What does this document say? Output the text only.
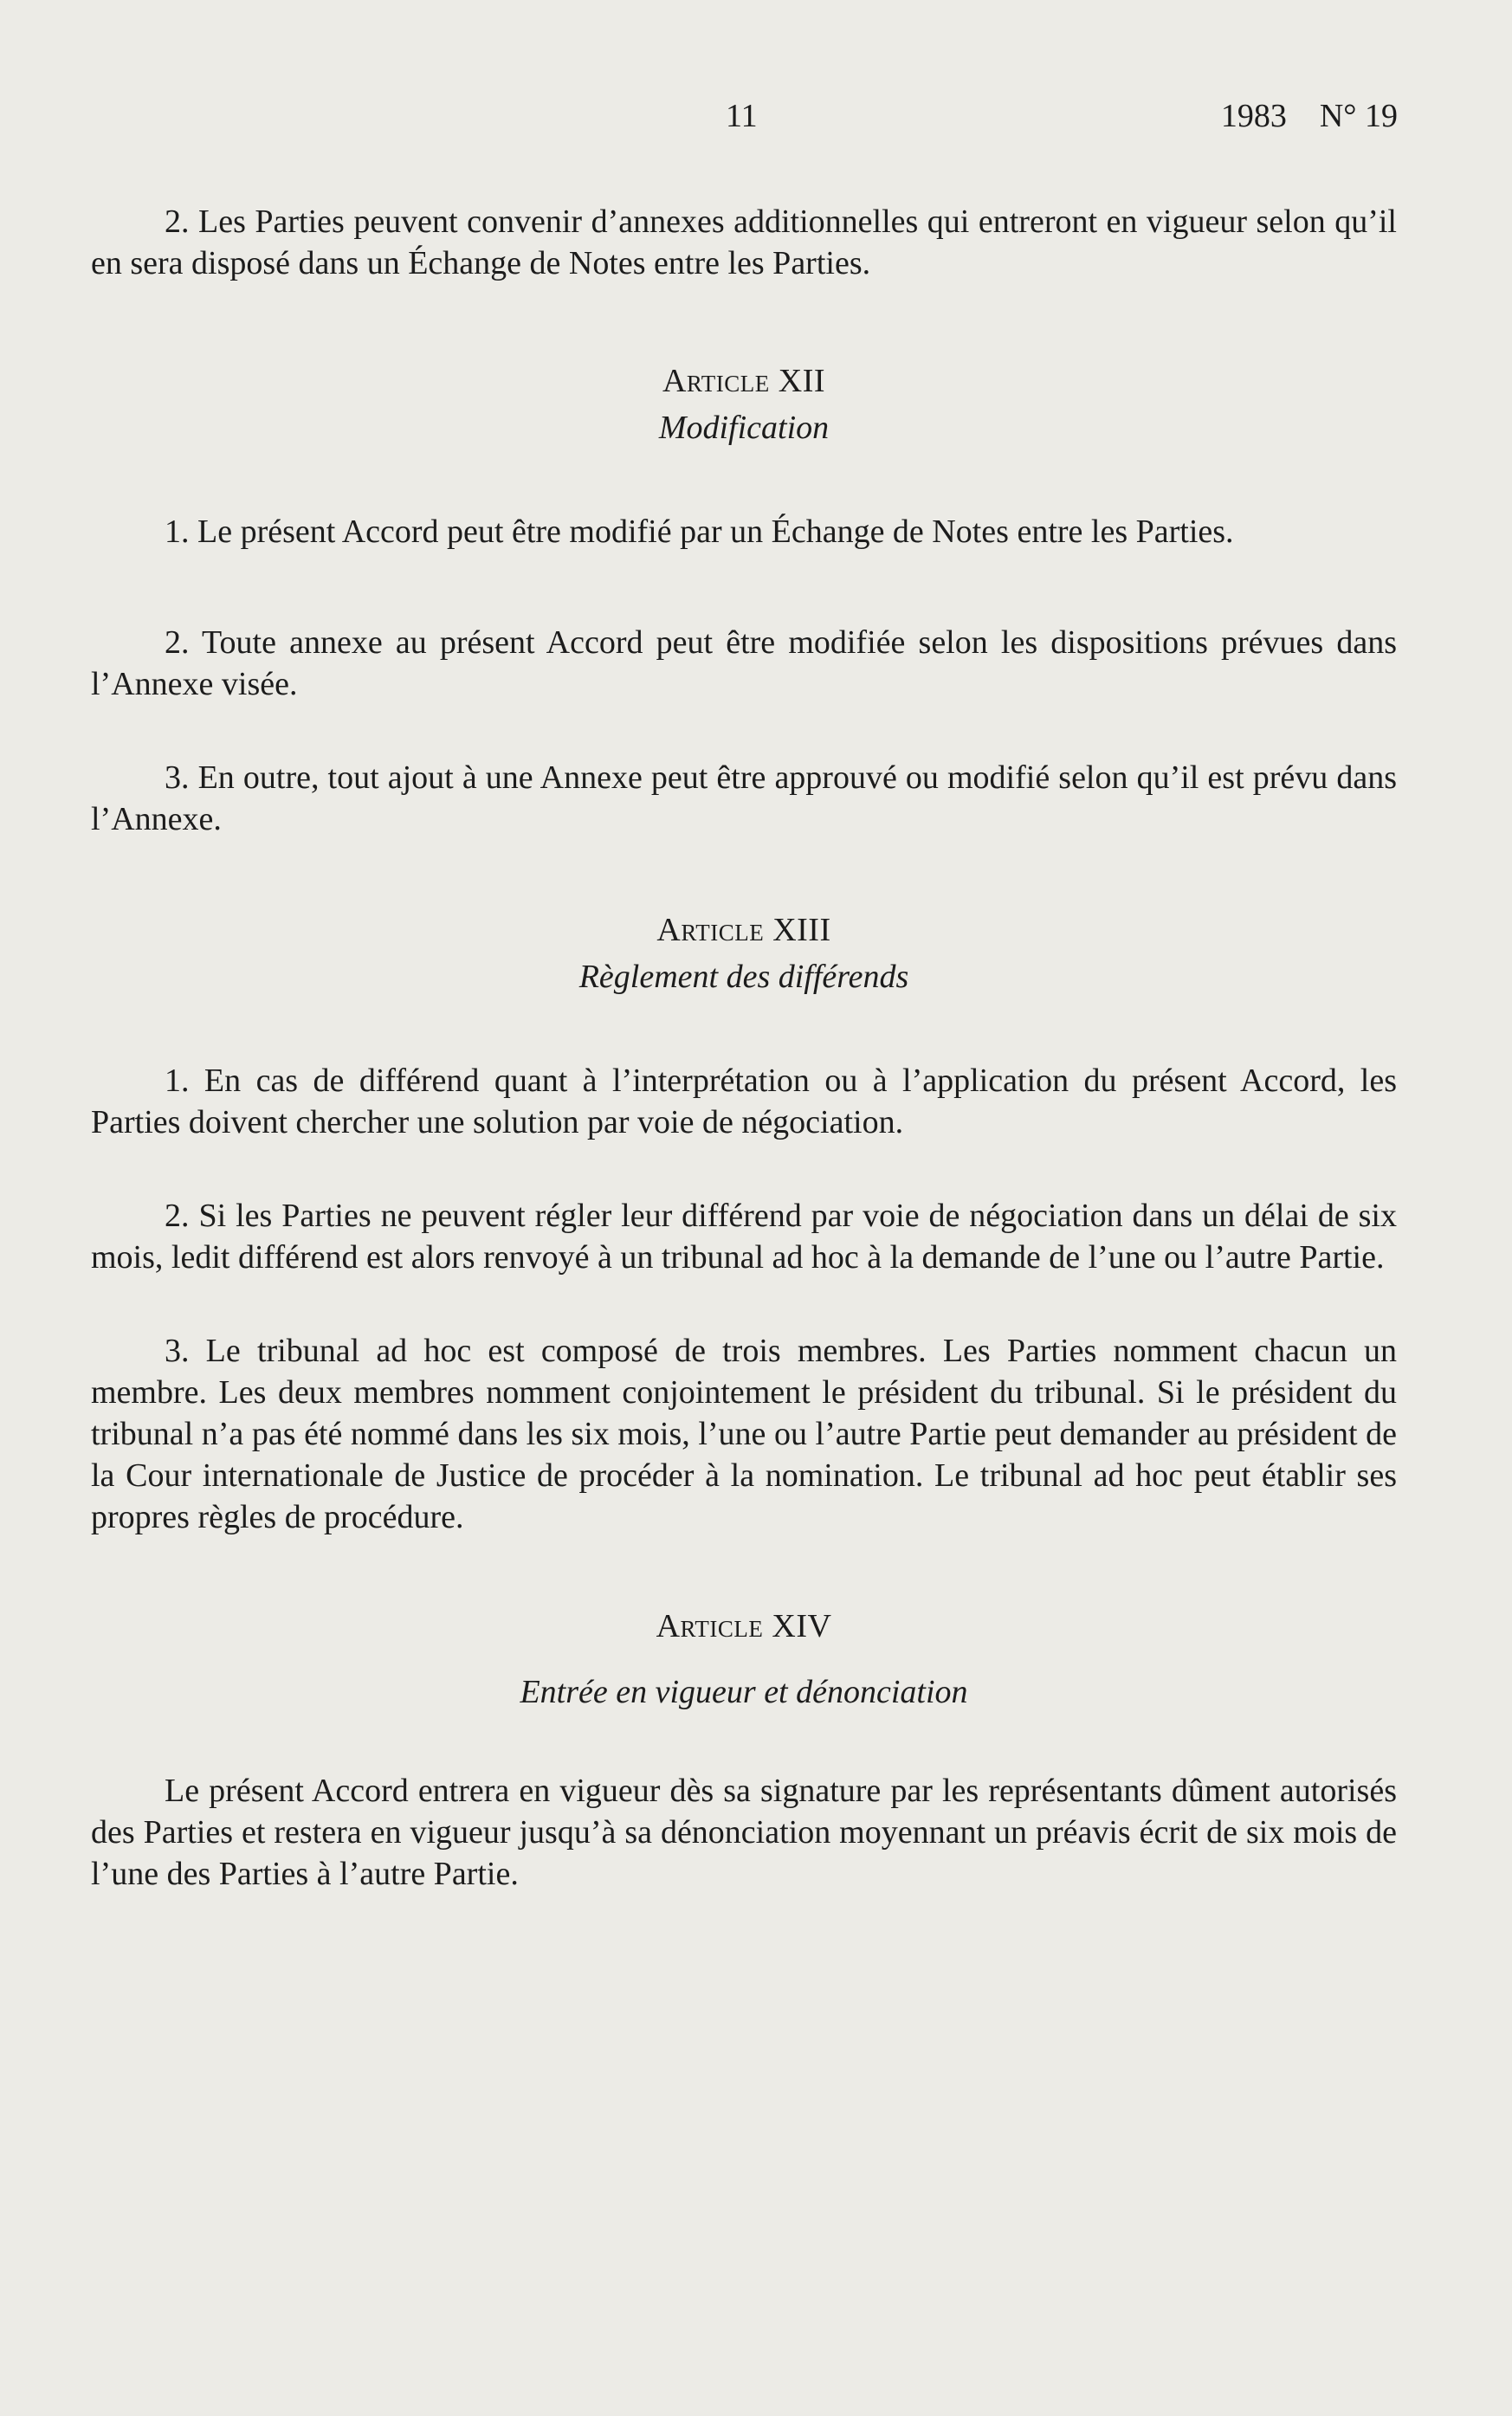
11	1983 N° 19

2. Les Parties peuvent convenir d’annexes additionnelles qui entreront en vigueur selon qu’il en sera disposé dans un Échange de Notes entre les Parties.

Article XII

Modification

1. Le présent Accord peut être modifié par un Échange de Notes entre les Parties.

2. Toute annexe au présent Accord peut être modifiée selon les dispositions prévues dans l’Annexe visée.

3. En outre, tout ajout à une Annexe peut être approuvé ou modifié selon qu’il est prévu dans l’Annexe.

Article XIII

Règlement des différends

1. En cas de différend quant à l’interprétation ou à l’application du présent Accord, les Parties doivent chercher une solution par voie de négociation.

2. Si les Parties ne peuvent régler leur différend par voie de négociation dans un délai de six mois, ledit différend est alors renvoyé à un tribunal ad hoc à la demande de l’une ou l’autre Partie.

3. Le tribunal ad hoc est composé de trois membres. Les Parties nomment chacun un membre. Les deux membres nomment conjointement le président du tribunal. Si le président du tribunal n’a pas été nommé dans les six mois, l’une ou l’autre Partie peut demander au président de la Cour internationale de Justice de procéder à la nomination. Le tribunal ad hoc peut établir ses propres règles de procédure.

Article XIV

Entrée en vigueur et dénonciation

Le présent Accord entrera en vigueur dès sa signature par les représentants dûment autorisés des Parties et restera en vigueur jusqu’à sa dénonciation moyennant un préavis écrit de six mois de l’une des Parties à l’autre Partie.
